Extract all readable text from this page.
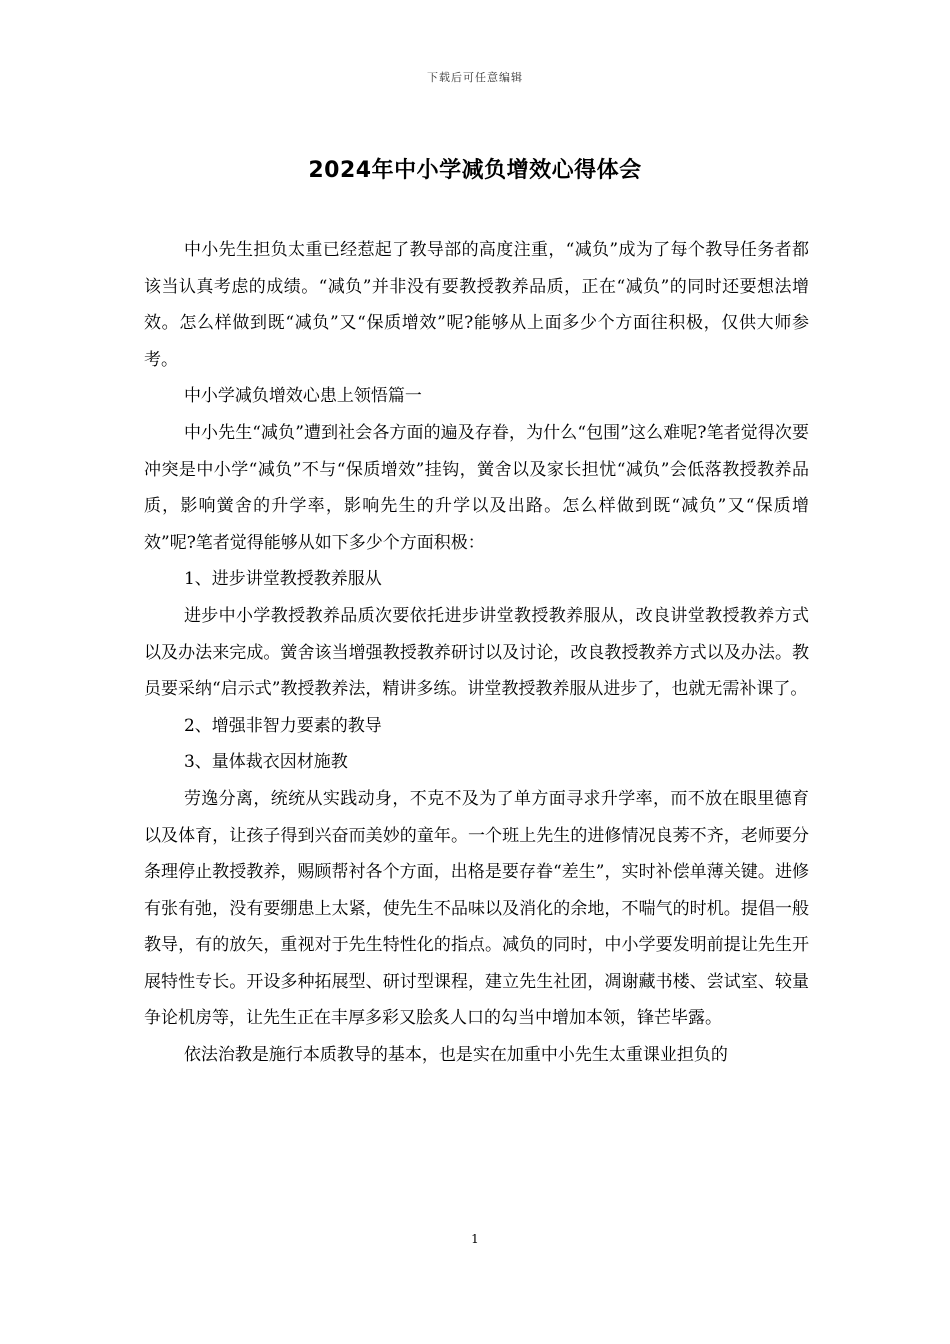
下载后可任意编辑
2024年中小学减负增效心得体会

中小先生担负太重已经惹起了教导部的高度注重，“减负”成为了每个教导任务者都该当认真考虑的成绩。“减负”并非没有要教授教养品质，正在“减负”的同时还要想法增效。怎么样做到既“减负”又“保质增效”呢?能够从上面多少个方面往积极，仅供大师参考。

中小学减负增效心患上领悟篇一

中小先生“减负”遭到社会各方面的遍及存眷，为什么“包围”这么难呢?笔者觉得次要冲突是中小学“减负”不与“保质增效”挂钩，黉舍以及家长担忧“减负”会低落教授教养品质，影响黉舍的升学率，影响先生的升学以及出路。怎么样做到既“减负”又“保质增效”呢?笔者觉得能够从如下多少个方面积极：

1、进步讲堂教授教养服从

进步中小学教授教养品质次要依托进步讲堂教授教养服从，改良讲堂教授教养方式以及办法来完成。黉舍该当增强教授教养研讨以及讨论，改良教授教养方式以及办法。教员要采纳“启示式”教授教养法，精讲多练。讲堂教授教养服从进步了，也就无需补课了。

2、增强非智力要素的教导

3、量体裁衣因材施教

劳逸分离，统统从实践动身，不克不及为了单方面寻求升学率，而不放在眼里德育以及体育，让孩子得到兴奋而美妙的童年。一个班上先生的进修情况良莠不齐，老师要分条理停止教授教养，赐顾帮衬各个方面，出格是要存眷“差生”，实时补偿单薄关键。进修有张有弛，没有要绷患上太紧，使先生不品味以及消化的余地，不喘气的时机。提倡一般教导，有的放矢，重视对于先生特性化的指点。减负的同时，中小学要发明前提让先生开展特性专长。开设多种拓展型、研讨型课程，建立先生社团，凋谢藏书楼、尝试室、较量争论机房等，让先生正在丰厚多彩又脍炙人口的勾当中增加本领，锋芒毕露。

依法治教是施行本质教导的基本，也是实在加重中小先生太重课业担负的

1
